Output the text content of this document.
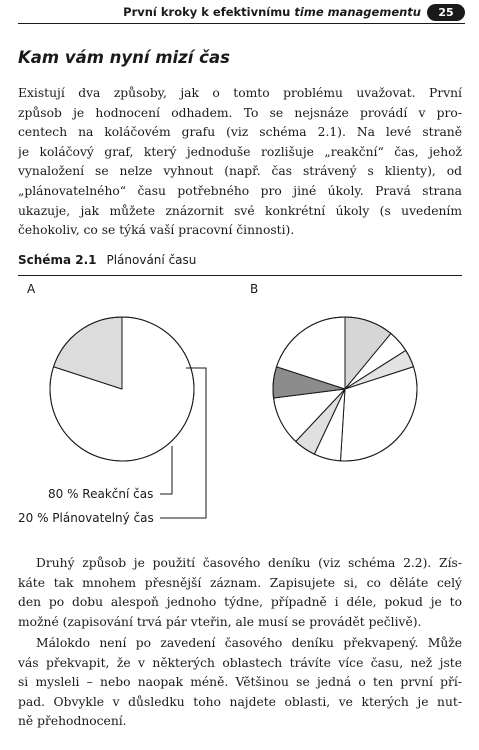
První kroky k efektivnímu time managementu	25
Kam vám nyní mizí čas
Existují dva způsoby, jak o tomto problému uvažovat. První
způsob je hodnocení odhadem. To se nejsnáze provádí v pro-
centech na koláčovém grafu (viz schéma 2.1). Na levé straně
je koláčový graf, který jednoduše rozlišuje „reakční“ čas, jehož
vynaložení se nelze vyhnout (např. čas strávený s klienty), od
„plánovatelného“ času potřebného pro jiné úkoly. Pravá strana
ukazuje, jak můžete znázornit své konkrétní úkoly (s uvedením
čehokoliv, co se týká vaší pracovní činnosti).
Schéma 2.1 Plánování času
A	B
80 % Reakční čas
20 % Plánovatelný čas
Druhý způsob je použití časového deníku (viz schéma 2.2). Zís-
káte tak mnohem přesnější záznam. Zapisujete si, co děláte celý
den po dobu alespoň jednoho týdne, případně i déle, pokud je to
možné (zapisování trvá pár vteřin, ale musí se provádět pečlivě).
Málokdo není po zavedení časového deníku překvapený. Může
vás překvapit, že v některých oblastech trávíte více času, než jste
si mysleli – nebo naopak méně. Většinou se jedná o ten první pří-
pad. Obvykle v důsledku toho najdete oblasti, ve kterých je nut-
ně přehodnocení.
